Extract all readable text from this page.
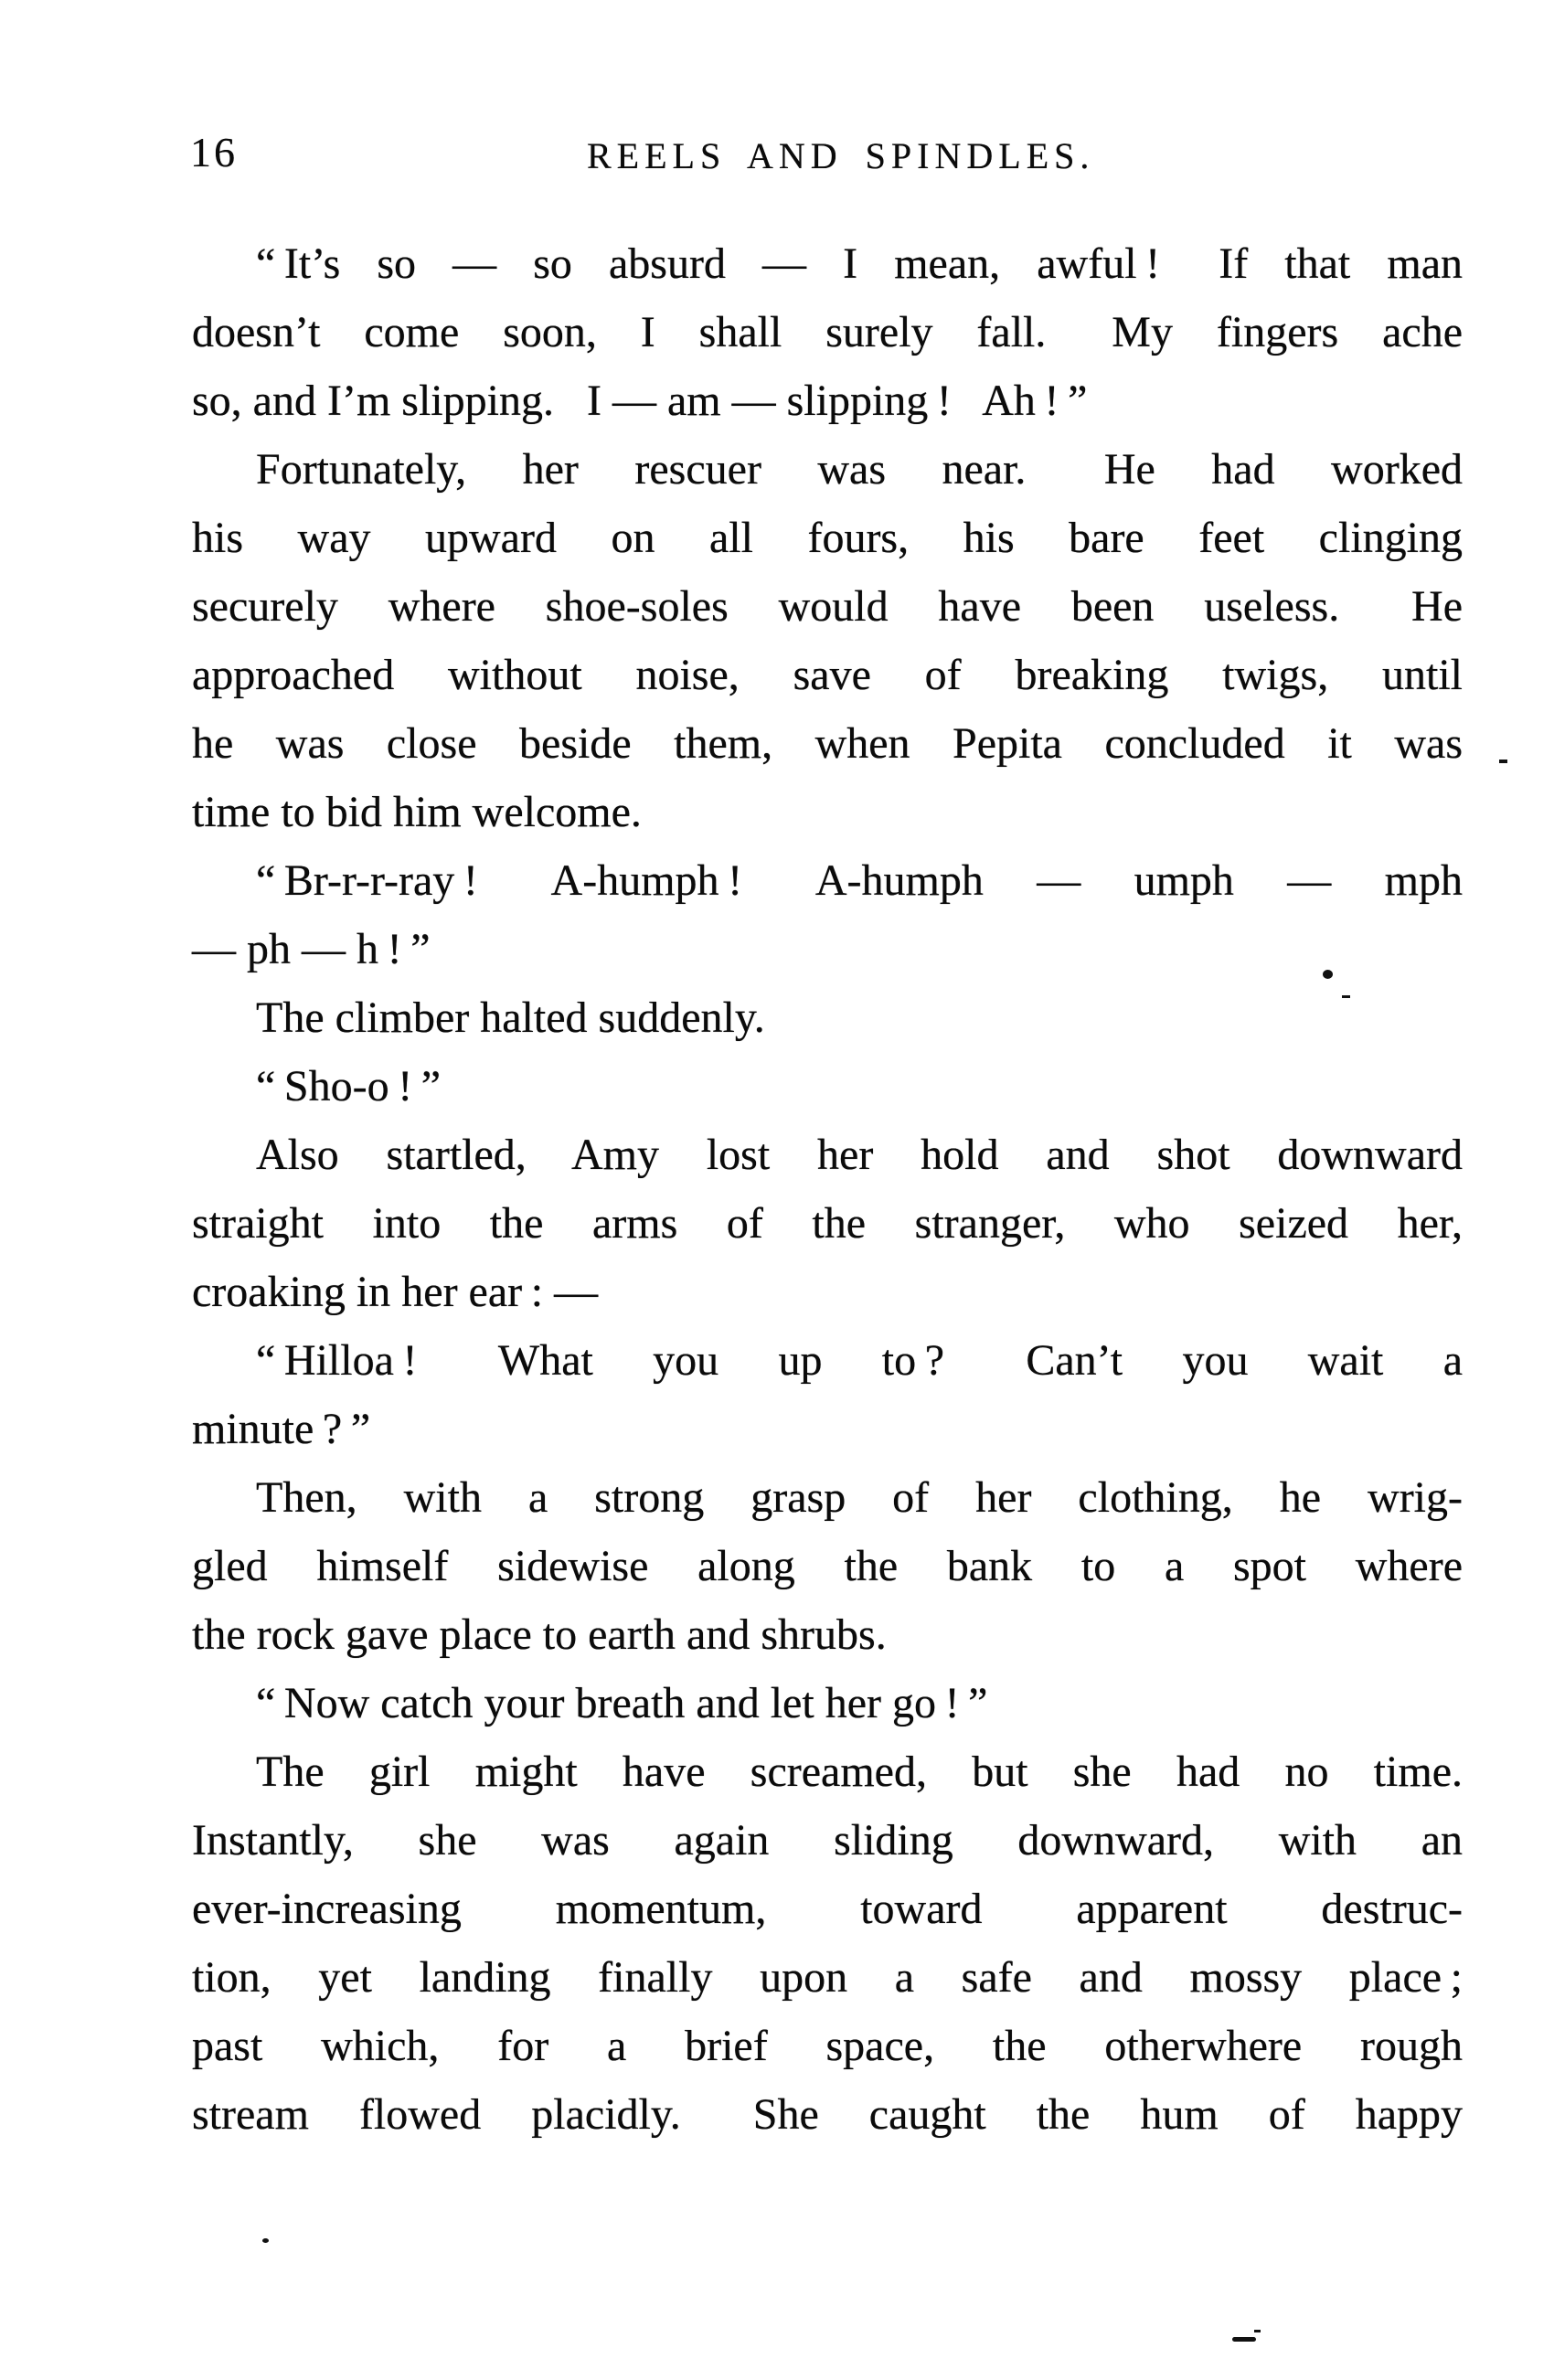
16	REELS AND SPINDLES.
“ It’s so — so absurd — I mean, awful !  If that man
doesn’t come soon, I shall surely fall.  My fingers ache
so, and I’m slipping.  I — am — slipping !  Ah ! ”
Fortunately, her rescuer was near.  He had worked
his way upward on all fours, his bare feet clinging
securely where shoe-soles would have been useless.  He
approached without noise, save of breaking twigs, until
he was close beside them, when Pepita concluded it was
time to bid him welcome.
“ Br-r-r-ray !  A-humph !  A-humph — umph — mph
— ph — h ! ”
The climber halted suddenly.
“ Sho-o ! ”
Also startled, Amy lost her hold and shot downward
straight into the arms of the stranger, who seized her,
croaking in her ear : —
“ Hilloa !  What you up to ?  Can’t you wait a
minute ? ”
Then, with a strong grasp of her clothing, he wrig-
gled himself sidewise along the bank to a spot where
the rock gave place to earth and shrubs.
“ Now catch your breath and let her go ! ”
The girl might have screamed, but she had no time.
Instantly, she was again sliding downward, with an
ever-increasing momentum, toward apparent destruc-
tion, yet landing finally upon a safe and mossy place ;
past which, for a brief space, the otherwhere rough
stream flowed placidly.  She caught the hum of happy
